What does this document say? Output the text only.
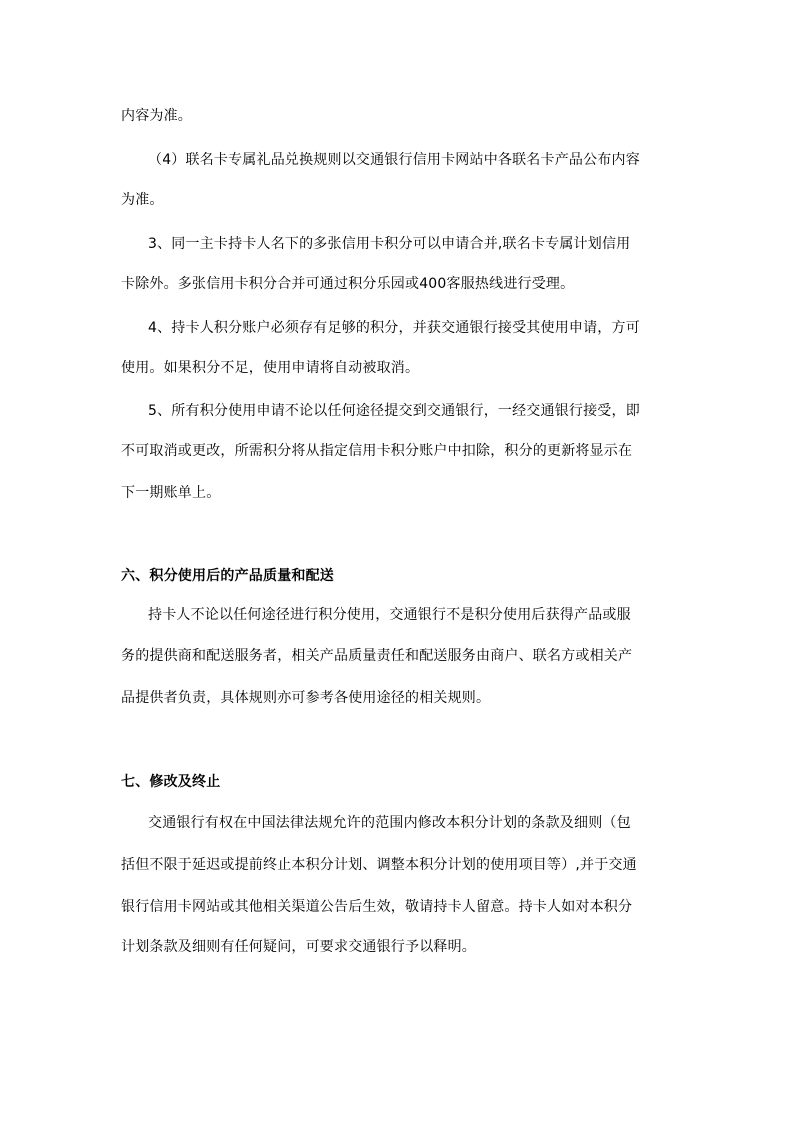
内容为准。
（4）联名卡专属礼品兑换规则以交通银行信用卡网站中各联名卡产品公布内容
为准。
3、同一主卡持卡人名下的多张信用卡积分可以申请合并,联名卡专属计划信用
卡除外。多张信用卡积分合并可通过积分乐园或400客服热线进行受理。
4、持卡人积分账户必须存有足够的积分，并获交通银行接受其使用申请，方可
使用。如果积分不足，使用申请将自动被取消。
5、所有积分使用申请不论以任何途径提交到交通银行，一经交通银行接受，即
不可取消或更改，所需积分将从指定信用卡积分账户中扣除，积分的更新将显示在
下一期账单上。
六、积分使用后的产品质量和配送
持卡人不论以任何途径进行积分使用，交通银行不是积分使用后获得产品或服
务的提供商和配送服务者，相关产品质量责任和配送服务由商户、联名方或相关产
品提供者负责，具体规则亦可参考各使用途径的相关规则。
七、修改及终止
交通银行有权在中国法律法规允许的范围内修改本积分计划的条款及细则（包
括但不限于延迟或提前终止本积分计划、调整本积分计划的使用项目等）,并于交通
银行信用卡网站或其他相关渠道公告后生效，敬请持卡人留意。持卡人如对本积分
计划条款及细则有任何疑问，可要求交通银行予以释明。
